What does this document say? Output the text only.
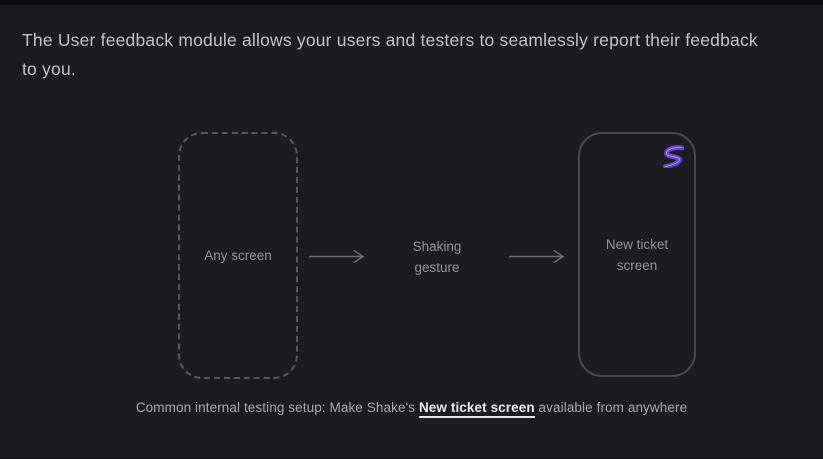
The User feedback module allows your users and testers to seamlessly report their feedback to you.

Any screen
Shaking gesture
New ticket screen
Common internal testing setup: Make Shake's New ticket screen available from anywhere
